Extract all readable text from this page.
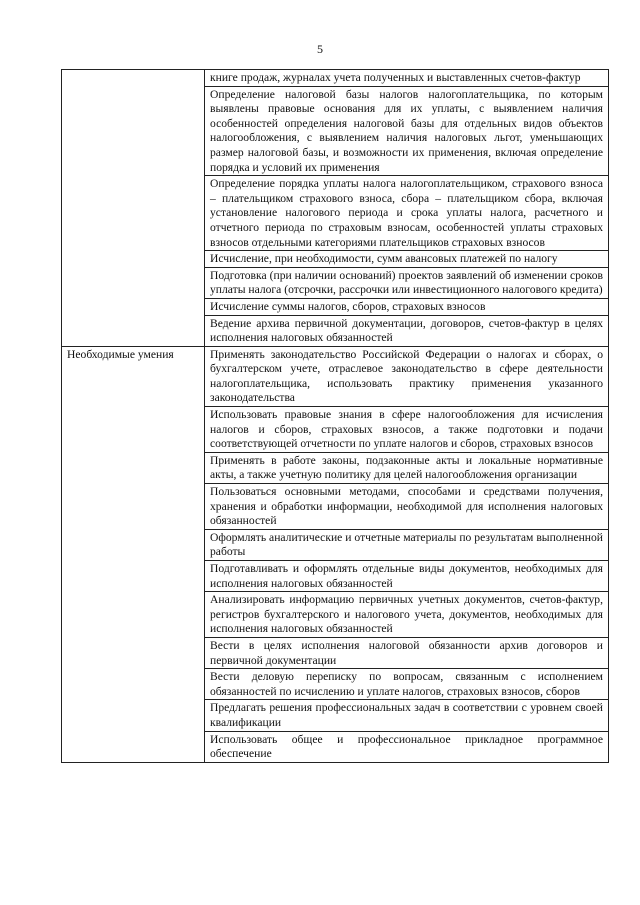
5
	книге продаж, журналах учета полученных и выставленных счетов-фактур
	Определение налоговой базы налогов налогоплательщика, по которым выявлены правовые основания для их уплаты, с выявлением наличия особенностей определения налоговой базы для отдельных видов объектов налогообложения, с выявлением наличия налоговых льгот, уменьшающих размер налоговой базы, и возможности их применения, включая определение порядка и условий их применения
	Определение порядка уплаты налога налогоплательщиком, страхового взноса – плательщиком страхового взноса, сбора – плательщиком сбора, включая установление налогового периода и срока уплаты налога, расчетного и отчетного периода по страховым взносам, особенностей уплаты страховых взносов отдельными категориями плательщиков страховых взносов
	Исчисление, при необходимости, сумм авансовых платежей по налогу
	Подготовка (при наличии оснований) проектов заявлений об изменении сроков уплаты налога (отсрочки, рассрочки или инвестиционного налогового кредита)
	Исчисление суммы налогов, сборов, страховых взносов
	Ведение архива первичной документации, договоров, счетов-фактур в целях исполнения налоговых обязанностей
Необходимые умения	Применять законодательство Российской Федерации о налогах и сборах, о бухгалтерском учете, отраслевое законодательство в сфере деятельности налогоплательщика, использовать практику применения указанного законодательства
	Использовать правовые знания в сфере налогообложения для исчисления налогов и сборов, страховых взносов, а также подготовки и подачи соответствующей отчетности по уплате налогов и сборов, страховых взносов
	Применять в работе законы, подзаконные акты и локальные нормативные акты, а также учетную политику для целей налогообложения организации
	Пользоваться основными методами, способами и средствами получения, хранения и обработки информации, необходимой для исполнения налоговых обязанностей
	Оформлять аналитические и отчетные материалы по результатам выполненной работы
	Подготавливать и оформлять отдельные виды документов, необходимых для исполнения налоговых обязанностей
	Анализировать информацию первичных учетных документов, счетов-фактур, регистров бухгалтерского и налогового учета, документов, необходимых для исполнения налоговых обязанностей
	Вести в целях исполнения налоговой обязанности архив договоров и первичной документации
	Вести деловую переписку по вопросам, связанным с исполнением обязанностей по исчислению и уплате налогов, страховых взносов, сборов
	Предлагать решения профессиональных задач в соответствии с уровнем своей квалификации
	Использовать общее и профессиональное прикладное программное обеспечение
